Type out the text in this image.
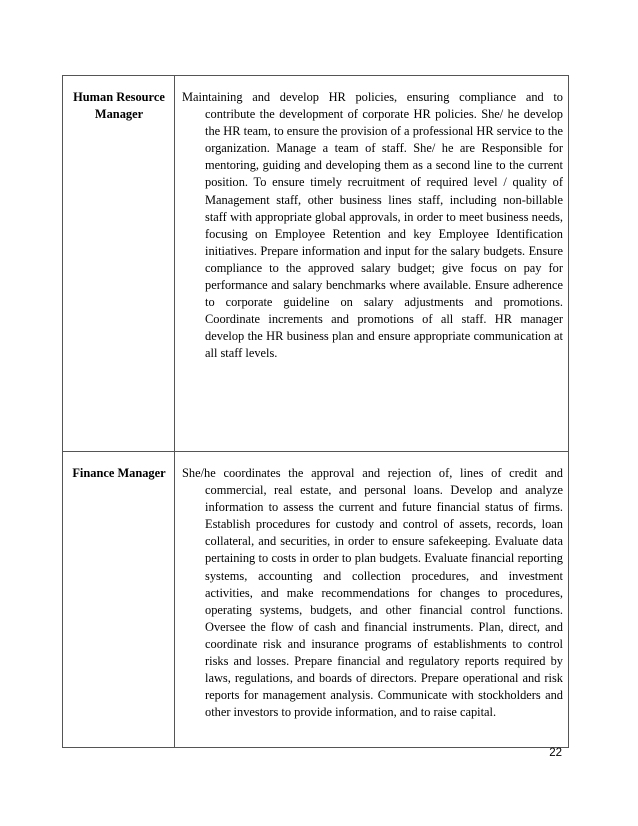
Human Resource Manager	Maintaining and develop HR policies, ensuring compliance and to contribute the development of corporate HR policies. She/ he develop the HR team, to ensure the provision of a professional HR service to the organization. Manage a team of staff. She/ he are Responsible for mentoring, guiding and developing them as a second line to the current position. To ensure timely recruitment of required level / quality of Management staff, other business lines staff, including non-billable staff with appropriate global approvals, in order to meet business needs, focusing on Employee Retention and key Employee Identification initiatives. Prepare information and input for the salary budgets. Ensure compliance to the approved salary budget; give focus on pay for performance and salary benchmarks where available. Ensure adherence to corporate guideline on salary adjustments and promotions. Coordinate increments and promotions of all staff. HR manager develop the HR business plan and ensure appropriate communication at all staff levels.

Finance Manager	She/he coordinates the approval and rejection of, lines of credit and commercial, real estate, and personal loans. Develop and analyze information to assess the current and future financial status of firms. Establish procedures for custody and control of assets, records, loan collateral, and securities, in order to ensure safekeeping. Evaluate data pertaining to costs in order to plan budgets. Evaluate financial reporting systems, accounting and collection procedures, and investment activities, and make recommendations for changes to procedures, operating systems, budgets, and other financial control functions. Oversee the flow of cash and financial instruments. Plan, direct, and coordinate risk and insurance programs of establishments to control risks and losses. Prepare financial and regulatory reports required by laws, regulations, and boards of directors. Prepare operational and risk reports for management analysis. Communicate with stockholders and other investors to provide information, and to raise capital.

22
